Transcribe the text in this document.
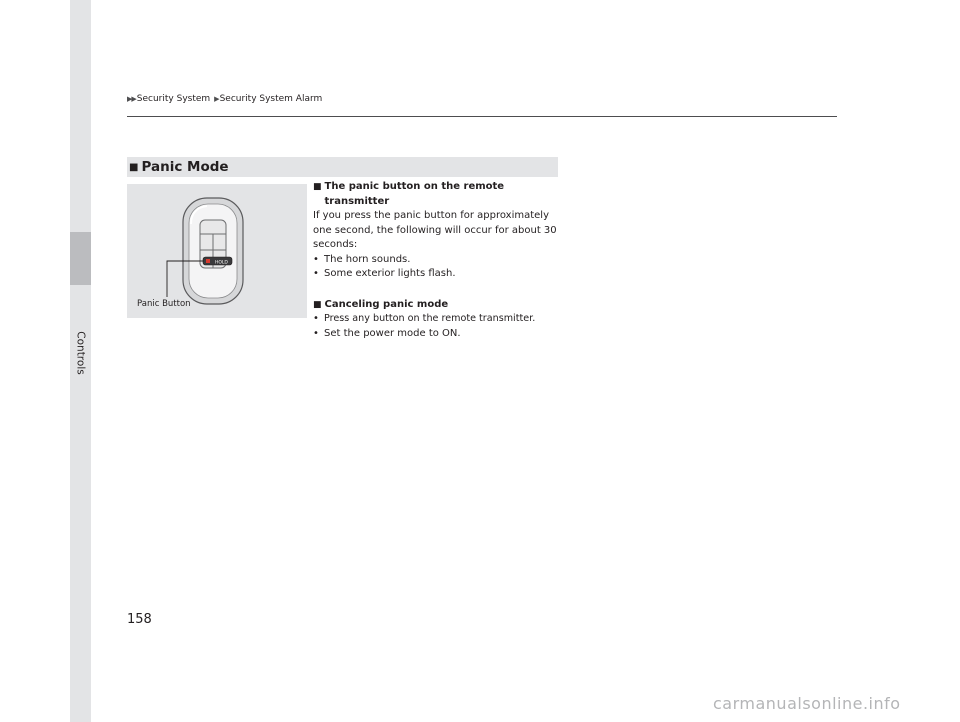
Controls
▶▶ Security System ▶ Security System Alarm
■ Panic Mode
HOLD
Panic Button
■ The panic button on the remote
transmitter
If you press the panic button for approximately one second, the following will occur for about 30 seconds:
• The horn sounds.
• Some exterior lights flash.
■ Canceling panic mode
• Press any button on the remote transmitter.
• Set the power mode to ON.
158
carmanualsonline.info
